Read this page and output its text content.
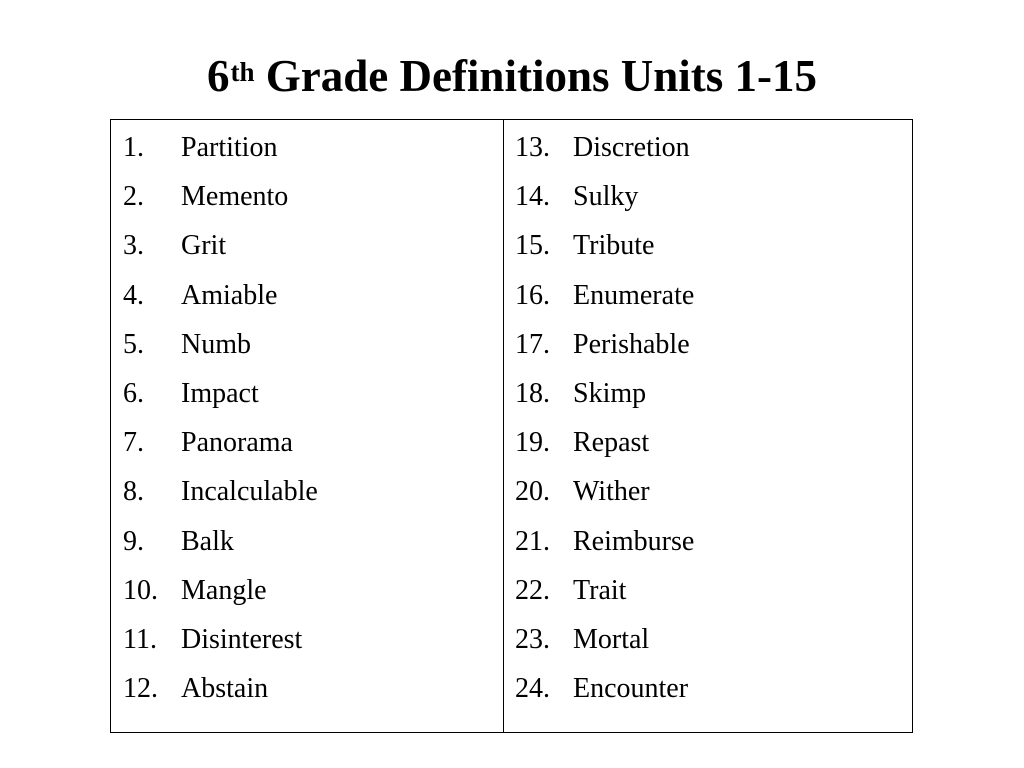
6th Grade Definitions Units 1-15
1.	Partition
2.	Memento
3.	Grit
4.	Amiable
5.	Numb
6.	Impact
7.	Panorama
8.	Incalculable
9.	Balk
10. Mangle
11. Disinterest
12. Abstain
13. Discretion
14. Sulky
15. Tribute
16. Enumerate
17. Perishable
18. Skimp
19. Repast
20. Wither
21. Reimburse
22. Trait
23. Mortal
24. Encounter
